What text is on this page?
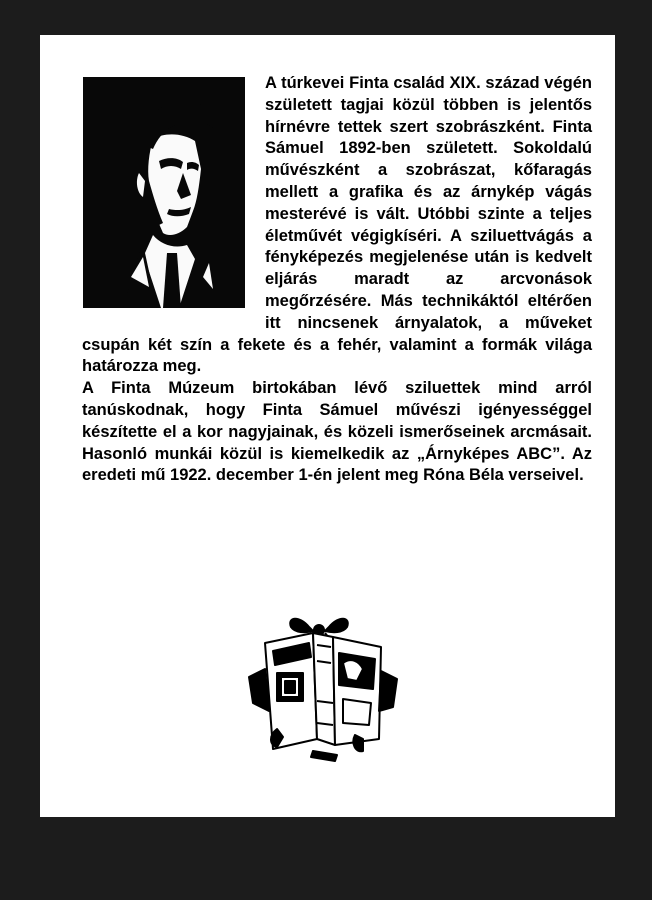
A túrkevei Finta család XIX. század végén született tagjai közül többen is jelentős hírnévre tettek szert szobrászként. Finta Sámuel 1892-ben született. Sokoldalú művészként a szobrászat, kőfaragás mellett a grafika és az árnykép vágás mesterévé is vált. Utóbbi szinte a teljes életművét végigkíséri. A sziluettvágás a fényképezés megjelenése után is kedvelt eljárás maradt az arcvonások megőrzésére. Más technikáktól eltérően itt nincsenek árnyalatok, a műveket csupán két szín a fekete és a fehér, valamint a formák világa határozza meg.

A Finta Múzeum birtokában lévő sziluettek mind arról tanúskodnak, hogy Finta Sámuel művészi igényességgel készítette el a kor nagyjainak, és közeli ismerőseinek arcmásait. Hasonló munkái közül is kiemelkedik az „Árnyképes ABC”. Az eredeti mű 1922. december 1-én jelent meg Róna Béla verseivel.
